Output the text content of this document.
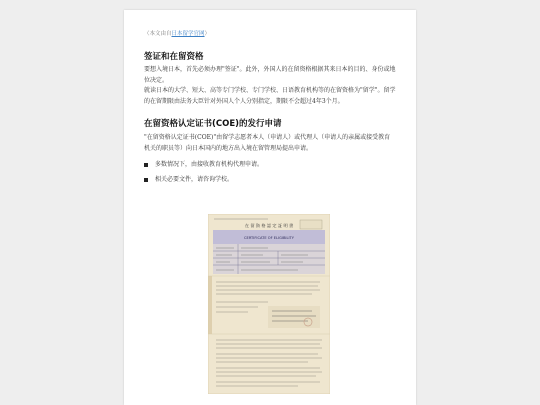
（本文由自日本留学官网）
签证和在留资格

要想入境日本，首先必须办理"签证"。此外，外国人的在留资格根据其来日本的目的、身份或地位决定。

就读日本的大学、短大、高等专门学校、专门学校、日语教育机构等的在留资格为"留学"。留学的在留期限由法务大臣针对外国人个人分别指定，期限不会超过4年3个月。

在留资格认定证书(COE)的发行申请

"在留资格认定证书(COE)"由留学志愿者本人（申请人）或代理人（申请人的亲属或接受教育机关的职员等）向日本国内的地方出入境在留管理局提出申请。

多数情况下，由接收教育机构代理申请。
相关必要文件，请咨询学校。
在 留 資 格 認 定 証 明 書
CERTIFICATE OF ELIGIBILITY
